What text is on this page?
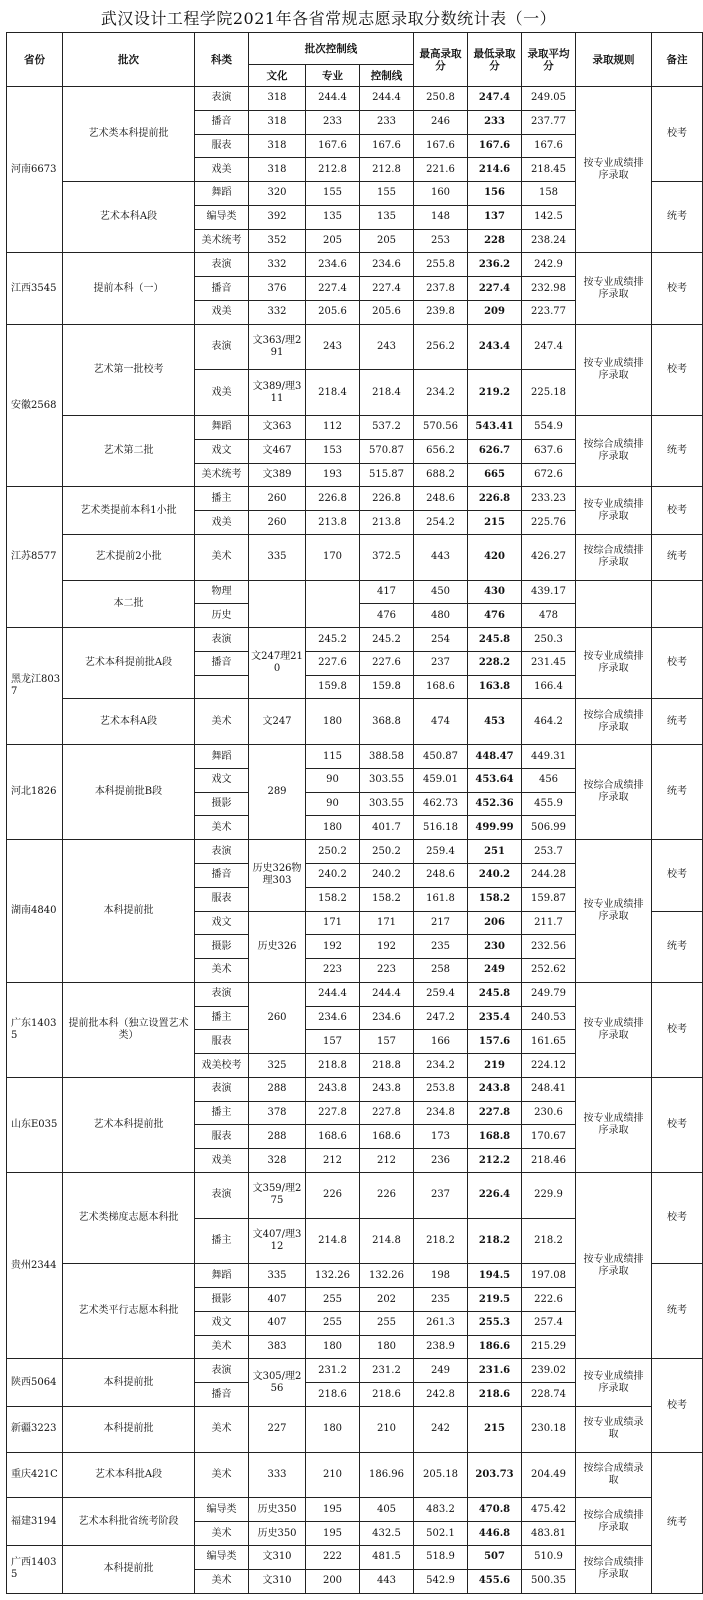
武汉设计工程学院2021年各省常规志愿录取分数统计表（一）
省份	批次	科类	批次控制线			最高录取分	最低录取分	录取平均分	录取规则	备注
			文化	专业	控制线					
河南6673	艺术类本科提前批	表演	318	244.4	244.4	250.8	247.4	249.05	按专业成绩排序录取	校考
		播音	318	233	233	246	233	237.77		
		服表	318	167.6	167.6	167.6	167.6	167.6		
		戏美	318	212.8	212.8	221.6	214.6	218.45		
	艺术本科A段	舞蹈	320	155	155	160	156	158		统考
		编导类	392	135	135	148	137	142.5		
		美术统考	352	205	205	253	228	238.24		
江西3545	提前本科（一）	表演	332	234.6	234.6	255.8	236.2	242.9	按专业成绩排序录取	校考
		播音	376	227.4	227.4	237.8	227.4	232.98		
		戏美	332	205.6	205.6	239.8	209	223.77		
安徽2568	艺术第一批校考	表演	文363/理291	243	243	256.2	243.4	247.4	按专业成绩排序录取	校考
		戏美	文389/理311	218.4	218.4	234.2	219.2	225.18		
	艺术第二批	舞蹈	文363	112	537.2	570.56	543.41	554.9	按综合成绩排序录取	统考
		戏文	文467	153	570.87	656.2	626.7	637.6		
		美术统考	文389	193	515.87	688.2	665	672.6		
江苏8577	艺术类提前本科1小批	播主	260	226.8	226.8	248.6	226.8	233.23	按专业成绩排序录取	校考
		戏美	260	213.8	213.8	254.2	215	225.76		
	艺术提前2小批	美术	335	170	372.5	443	420	426.27	按综合成绩排序录取	统考
	本二批	物理			417	450	430	439.17		
		历史			476	480	476	478		
黑龙江8037	艺术本科提前批A段	表演	文247理210	245.2	245.2	254	245.8	250.3	按专业成绩排序录取	校考
		播音		227.6	227.6	237	228.2	231.45		
				159.8	159.8	168.6	163.8	166.4		
	艺术本科A段	美术	文247	180	368.8	474	453	464.2	按综合成绩排序录取	统考
河北1826	本科提前批B段	舞蹈	289	115	388.58	450.87	448.47	449.31	按综合成绩排序录取	统考
		戏文		90	303.55	459.01	453.64	456		
		摄影		90	303.55	462.73	452.36	455.9		
		美术		180	401.7	516.18	499.99	506.99		
湖南4840	本科提前批	表演	历史326物理303	250.2	250.2	259.4	251	253.7	按专业成绩排序录取	校考
		播音		240.2	240.2	248.6	240.2	244.28		
		服表		158.2	158.2	161.8	158.2	159.87		
		戏文	历史326	171	171	217	206	211.7		统考
		摄影		192	192	235	230	232.56		
		美术		223	223	258	249	252.62		
广东14035	提前批本科（独立设置艺术类）	表演	260	244.4	244.4	259.4	245.8	249.79	按专业成绩排序录取	校考
		播主		234.6	234.6	247.2	235.4	240.53		
		服表		157	157	166	157.6	161.65		
		戏美校考	325	218.8	218.8	234.2	219	224.12		
山东E035	艺术本科提前批	表演	288	243.8	243.8	253.8	243.8	248.41	按专业成绩排序录取	校考
		播主	378	227.8	227.8	234.8	227.8	230.6		
		服表	288	168.6	168.6	173	168.8	170.67		
		戏美	328	212	212	236	212.2	218.46		
贵州2344	艺术类梯度志愿本科批	表演	文359/理275	226	226	237	226.4	229.9	按专业成绩排序录取	校考
		播主	文407/理312	214.8	214.8	218.2	218.2	218.2		
	艺术类平行志愿本科批	舞蹈	335	132.26	132.26	198	194.5	197.08		统考
		摄影	407	255	202	235	219.5	222.6		
		戏文	407	255	255	261.3	255.3	257.4		
		美术	383	180	180	238.9	186.6	215.29		
陕西5064	本科提前批	表演	文305/理256	231.2	231.2	249	231.6	239.02	按专业成绩排序录取	校考
		播音		218.6	218.6	242.8	218.6	228.74		
新疆3223	本科提前批	美术	227	180	210	242	215	230.18	按专业成绩录取	
重庆421C	艺术本科批A段	美术	333	210	186.96	205.18	203.73	204.49	按综合成绩录取	统考
福建3194	艺术本科批省统考阶段	编导类	历史350	195	405	483.2	470.8	475.42	按综合成绩排序录取	
		美术	历史350	195	432.5	502.1	446.8	483.81		
广西14035	本科提前批	编导类	文310	222	481.5	518.9	507	510.9	按综合成绩排序录取	
		美术	文310	200	443	542.9	455.6	500.35		
